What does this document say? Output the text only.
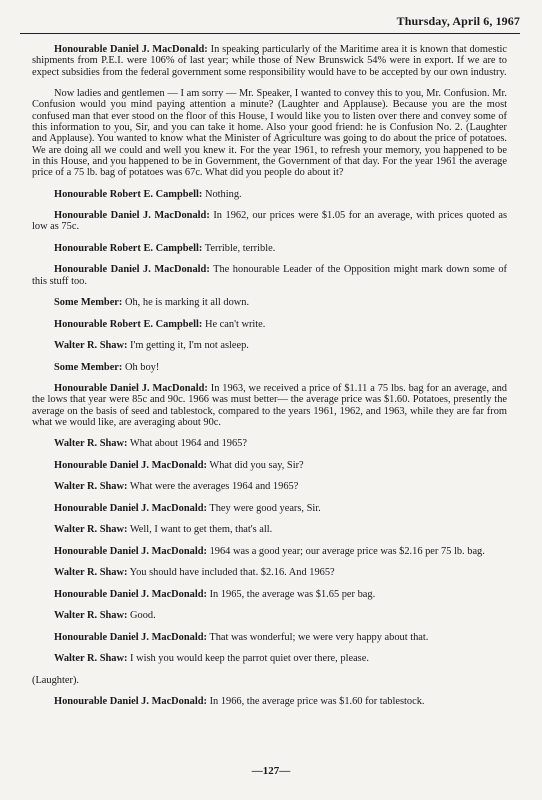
Thursday, April 6, 1967

Honourable Daniel J. MacDonald: In speaking particularly of the Maritime area it is known that domestic shipments from P.E.I. were 106% of last year; while those of New Brunswick 54% were in export. If we are to expect subsidies from the federal government some responsibility would have to be accepted by our own industry.

Now ladies and gentlemen — I am sorry — Mr. Speaker, I wanted to convey this to you, Mr. Confusion. Mr. Confusion would you mind paying attention a minute? (Laughter and Applause). Because you are the most confused man that ever stood on the floor of this House, I would like you to listen over there and convey some of this information to you, Sir, and you can take it home. Also your good friend: he is Confusion No. 2. (Laughter and Applause). You wanted to know what the Minister of Agriculture was going to do about the price of potatoes. We are doing all we could and well you knew it. For the year 1961, to refresh your memory, you happened to be in this House, and you happened to be in Government, the Government of that day. For the year 1961 the average price of a 75 lb. bag of potatoes was 67c. What did you people do about it?

Honourable Robert E. Campbell: Nothing.

Honourable Daniel J. MacDonald: In 1962, our prices were $1.05 for an average, with prices quoted as low as 75c.

Honourable Robert E. Campbell: Terrible, terrible.

Honourable Daniel J. MacDonald: The honourable Leader of the Opposition might mark down some of this stuff too.

Some Member: Oh, he is marking it all down.

Honourable Robert E. Campbell: He can't write.

Walter R. Shaw: I'm getting it, I'm not asleep.

Some Member: Oh boy!

Honourable Daniel J. MacDonald: In 1963, we received a price of $1.11 a 75 lbs. bag for an average, and the lows that year were 85c and 90c. 1966 was must better— the average price was $1.60. Potatoes, presently the average on the basis of seed and tablestock, compared to the years 1961, 1962, and 1963, while they are far from what we would like, are averaging about 90c.

Walter R. Shaw: What about 1964 and 1965?

Honourable Daniel J. MacDonald: What did you say, Sir?

Walter R. Shaw: What were the averages 1964 and 1965?

Honourable Daniel J. MacDonald: They were good years, Sir.

Walter R. Shaw: Well, I want to get them, that's all.

Honourable Daniel J. MacDonald: 1964 was a good year; our average price was $2.16 per 75 lb. bag.

Walter R. Shaw: You should have included that. $2.16. And 1965?

Honourable Daniel J. MacDonald: In 1965, the average was $1.65 per bag.

Walter R. Shaw: Good.

Honourable Daniel J. MacDonald: That was wonderful; we were very happy about that.

Walter R. Shaw: I wish you would keep the parrot quiet over there, please.

(Laughter).

Honourable Daniel J. MacDonald: In 1966, the average price was $1.60 for tablestock.

—127—
